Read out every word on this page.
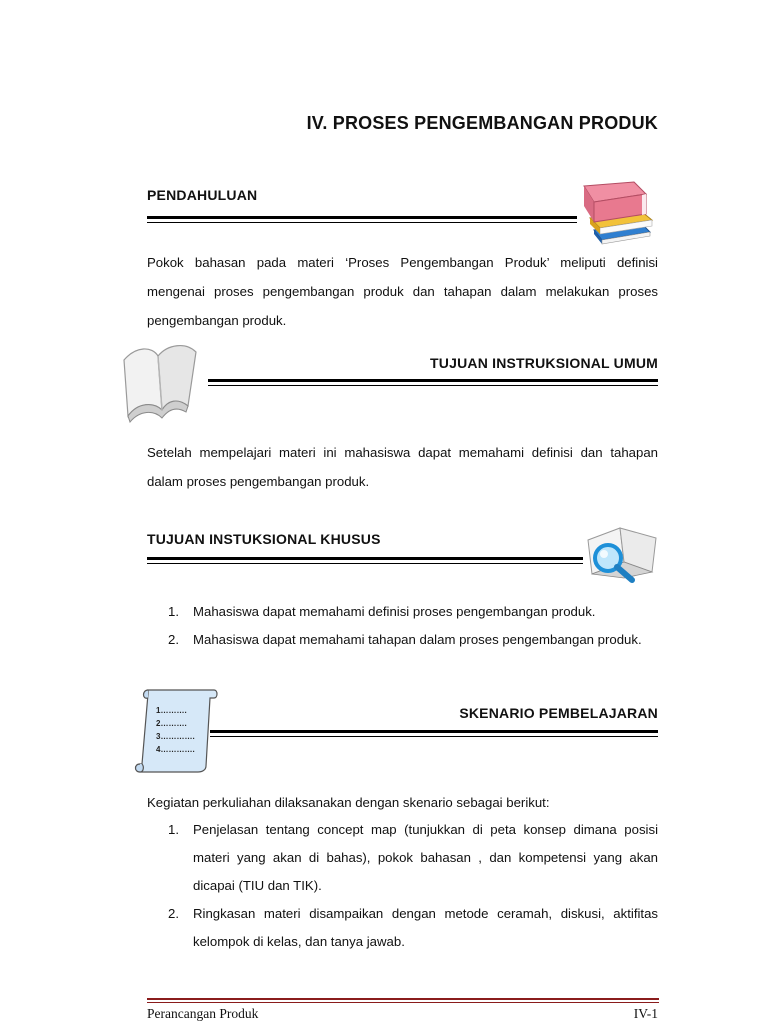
IV. PROSES PENGEMBANGAN PRODUK
PENDAHULUAN
Pokok bahasan pada materi ‘Proses Pengembangan Produk’ meliputi definisi mengenai proses pengembangan produk dan tahapan dalam melakukan proses pengembangan produk.
TUJUAN INSTRUKSIONAL UMUM
Setelah mempelajari materi ini mahasiswa dapat memahami definisi dan tahapan dalam proses pengembangan produk.
TUJUAN INSTUKSIONAL KHUSUS
1. Mahasiswa dapat memahami definisi proses pengembangan produk.
2. Mahasiswa dapat memahami tahapan dalam proses pengembangan produk.
1……….
2……….
3………….
4………….
SKENARIO PEMBELAJARAN
Kegiatan perkuliahan dilaksanakan dengan skenario sebagai berikut:
1. Penjelasan tentang concept map (tunjukkan di peta konsep dimana posisi materi yang akan di bahas), pokok bahasan , dan kompetensi yang akan dicapai (TIU dan TIK).
2. Ringkasan materi disampaikan dengan metode ceramah, diskusi, aktifitas kelompok di kelas, dan tanya jawab.
Perancangan Produk	IV-1
